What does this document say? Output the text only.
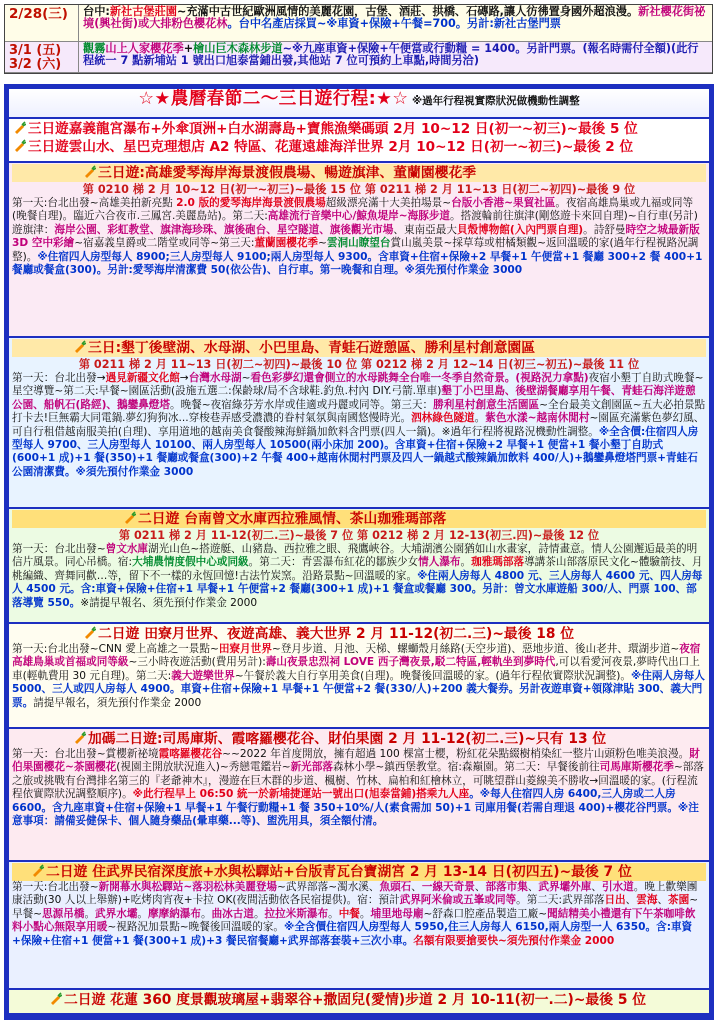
2/28(三)	台中:新社古堡莊園~充滿中古世紀歐洲風情的美麗花園，古堡、酒莊、拱橋、石磚路,讓人彷彿置身國外超浪漫。新社櫻花街祕境(興社街)或大排粉色櫻花林。台中名產店採買~※車資+保險+午餐=700。另計:新社古堡門票
3/1 (五)
3/2 (六)
觀霧山上人家櫻花季+檜山巨木森林步道~※九座車資+保險+午便當或行動糧 = 1400。另計門票。(報名時需付全額)(此行程統一 7 點新埔站 1 號出口旭泰當鋪出發,其他站 7 位可預約上車點,時間另洽)
☆★農曆春節二～三日遊行程:★☆ ※過年行程視實際狀況做機動性調整
三日遊嘉義龍宮瀑布+外傘頂洲+白水湖壽島+寶熊漁樂碼頭 2月 10~12 日(初一~初三)~最後 5 位
三日遊雲山水、星巴克理想店 A2 特區、花蓮遠雄海洋世界 2月 10~12 日(初一~初三)~最後 2 位
三日遊:高雄愛琴海岸海景渡假農場、暢遊旗津、董蘭園櫻花季
第 0210 梯 2 月 10~12 日(初一~初三)~最後 15 位 第 0211 梯 2 月 11~13 日(初二~初四)~最後 9 位
第一天:台北出發~高雄美拍新亮點 2.0 版的愛琴海岸海景渡假農場超級漂亮滿十大美拍場景~台版小香港~果貿社區。夜宿高雄鳥巢或九福或同等(晚餐自理)。臨近六合夜市.三鳳宮.美麗島站)。第二天:高雄流行音樂中心/鯨魚堤岸~海豚步道。搭渡輪前往旗津(剛悠遊卡來回自理)~自行車(另計)遊旗津：海岸公園、彩虹教堂、旗津海珍珠、旗後砲台、星空隧道、旗後觀光市場、東南亞最大貝殼博物館(入內門票自理)。詩舒曼時空之城最新版 3D 空中彩繪~宿嘉義皇爵或二階堂或同等~第三天:董蘭園櫻花季~雲洞山瞭望台賞山嵐美景~採草莓或柑橘類觀~返回溫暖的家(過年行程視路況調整)。※住宿四人房型每人 8900;三人房型每人 9100;兩人房型每人 9300。含車資+住宿+保險+2 早餐+1 午便當+1 餐廳 300+2 餐 400+1 餐廳或餐盒(300)。另計:愛琴海岸清潔費 50(依公告)、自行車。第一晚餐和自理。※須先預付作業金 3000
三日:墾丁後壁湖、水母湖、小巴里島、青蛙石遊憩區、勝利星村創意園區
第 0211 梯 2 月 11~13 日(初二~初四)~最後 10 位 第 0212 梯 2 月 12~14 日(初三~初五)~最後 11 位
第一天：台北出發→遇見新疆文化館→台灣水母湖~看色彩夢幻還會側立的水母跳舞全台唯一冬季自然奇景。(視路況力拿點)夜宿小墾丁自助式晚餐~星空導覽~第二天:早餐~園區活動(設施五選二:保齡球/局不含球鞋.釣魚.村內 DIY.弓箭.單車)墾丁小巴里島、後壁湖餐廳享用午餐、青蛙石海洋遊憩公園、船帆石(路經)、鵝鑾鼻燈塔。晚餐~夜宿綠芬芳水岸或佳適或丹麗或同等。第三天：勝利星村創意生活園區~全台最美文創園區~五大必拍景點打卡去!巨無霸大同電鍋.夢幻狗狗冰...穿梭巷弄感受濃濃的眷村氣氛與南國悠慢時光。泗林綠色隧道。紫色水漾~越南休閒村~園區充滿紫色夢幻風、可自行租借越南服美拍(自理)、享用道地的越南美食餐酸辣海鮮鍋加飲料含門票(四人一鍋)。※過年行程將視路況機動性調整。※全含價:住宿四人房型每人 9700、三人房型每人 10100、兩人房型每人 10500(兩小床加 200)。含車資+住宿+保險+2 早餐+1 便當+1 餐小墾丁自助式(600+1 成)+1 餐(350)+1 餐廳或餐盒(300)+2 午餐 400+越南休閒村門票及四人一鍋越式酸辣鍋加飲料 400/人)+鵝鑾鼻燈塔門票+青蛙石公園清潔費。※須先預付作業金 3000
二日遊 台南曾文水庫西拉雅風情、茶山珈雅瑪部落
第 0211 梯 2 月 11-12(初二.三)~最後 7 位 第 0212 梯 2 月 12-13(初三.四)~最後 12 位
第一天：台北出發~曾文水庫湖光山色~搭遊艇、山豬島、西拉雅之眼、飛鷹峽谷。大埔湖濱公園猶如山水畫家，詩情畫意。情人公園邂逅最美的明信片風景。同心吊橋。宿:大埔農情度假中心或同級。第二天：青雲瀑布紅花的鄒族少女情人瀑布。珈雅瑪部落導講茶山部落原民文化~體驗箭技、月桃編織、齊舞同歡…等，留下不一樣的永恆回憶!古法竹炭窯。沿路景點~回溫暖的家。※住兩人房每人 4800 元、三人房每人 4600 元、四人房每人 4500 元。含:車資+保險+住宿+1 早餐+1 午便當+2 餐廳(300+1 成)+1 餐盒或餐廳 300。另計：曾文水庫遊船 300/人、門票 100、部落導覽 550。※請提早報名、須先預付作業金 2000
二日遊 田寮月世界、夜遊高雄、義大世界 2 月 11-12(初二.三)~最後 18 位
第一天:台北出發~CNN 愛上高雄之一景點~田寮月世界~登月步道、月池、天梯、螺螄殼月絲路(天空步道)、惡地步道、後山老井、環湖步道~夜宿高雄鳥巢或首福或同等級~三小時夜遊活動(費用另計):壽山夜景忠烈祠 LOVE 西子灣夜景,駁二特區,輕軌坐到夢時代,可以看愛河夜景,夢時代出口上車(輕軌費用 30 元自理)。第二天:義大遊樂世界~午餐於義大自行享用美食(自理)。晚餐後回溫暖的家。(過年行程依實際狀況調整)。※住兩人房每人 5000、三人或四人房每人 4900。車資+住宿+保險+1 早餐+1 午便當+2 餐(330/人)+200 義大餐券。另計夜遊車資+領隊津貼 300、義大門票。請提早報名，須先預付作業金 2000
加碼二日遊:司馬庫斯、霞喀羅櫻花谷、財伯果園 2 月 11-12(初二.三)~只有 13 位
第一天：台北出發~賞櫻新祕境霞喀羅櫻花谷~~2022 年首度開放，擁有超過 100 棵富士櫻，粉紅花朵點綴樹梢染紅一整片山頭粉色唯美浪漫。財伯果園櫻花~茶園櫻花(視園主開放狀況進入)~秀戀電鑑岩~新光部落森林小學~鎮西堡教堂。宿:森巔園。第二天：早餐後前往司馬庫斯櫻花季~部落之旅或挑戰有台灣排名第三的『老爺神木』，漫遊在巨木群的步道、楓樹、竹林、扁柏和紅檜林立，可眺望群山菱線美不勝收→回溫暖的家。(行程流程依實際狀況調整順序)。※此行程早上 06:50 統一於新埔捷運站一號出口(旭泰當鋪)搭乘九人座。※每人住宿四人房 6400,三人房或二人房 6600。含九座車資+住宿+保險+1 早餐+1 午餐行動糧+1 餐 350+10%/人(素食需加 50)+1 司庫用餐(若需自理退 400)+櫻花谷門票。※注意事項：請備妥健保卡、個人隨身藥品(暈車藥...等)、盥洗用具，須全額付清。
二日遊 住武界民宿深度旅+水與松驛站+台版青瓦台寶湖宮 2 月 13-14 日(初四五)~最後 7 位
第一天:台北出發~新開幕水與松驛站~落羽松林美麗登場~武界部落~濁水溪、魚頭石、一線天奇景、部落市集、武界壩外庫、引水道。晚上歡樂團康活動(30 人以上舉辦)+吃烤肉宵夜+卡拉 OK(夜間活動依各民宿提供)。宿：預計武界阿米倫或五峯或同等。第二天:武界部落日出、雲海、茶園~早餐~思源吊橋。武界水壩。摩摩納瀑布。曲冰古道。拉拉米斯瀑布。中餐。埔里地母廟~舒森口腔產品製造工廠~聞結精美小禮還有下午茶咖啡飲料小點心無限享用暖~視路況加景點~晚餐後回溫暖的家。※全含價住宿四人房型每人 5950,住三人房每人 6150,兩人房型一人 6350。含:車資+保險+住宿+1 便當+1 餐(300+1 成)+3 餐民宿餐廳+武界部落套裝+三次小車。名額有限要搶要快~須先預付作業金 2000
二日遊 花蓮 360 度景觀玻璃屋+翡翠谷+撒固兒(愛情)步道 2 月 10-11(初一.二)~最後 5 位
